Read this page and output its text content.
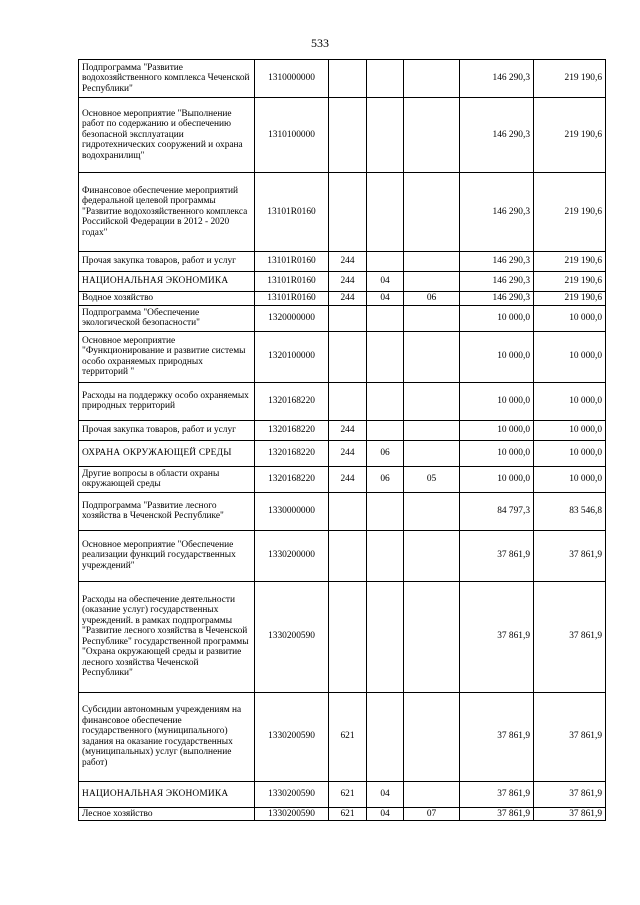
533
Подпрограмма "Развитие водохозяйственного комплекса Чеченской Республики"	1310000000				146 290,3	219 190,6
Основное мероприятие "Выполнение работ по содержанию и обеспечению безопасной эксплуатации гидротехнических сооружений и охрана водохранилищ"	1310100000				146 290,3	219 190,6
Финансовое обеспечение мероприятий федеральной целевой программы "Развитие водохозяйственного комплекса Российской Федерации в 2012 - 2020 годах"	13101R0160				146 290,3	219 190,6
Прочая закупка товаров, работ и услуг	13101R0160	244			146 290,3	219 190,6
НАЦИОНАЛЬНАЯ ЭКОНОМИКА	13101R0160	244	04		146 290,3	219 190,6
Водное хозяйство	13101R0160	244	04	06	146 290,3	219 190,6
Подпрограмма "Обеспечение экологической безопасности"	1320000000				10 000,0	10 000,0
Основное мероприятие "Функционирование и развитие системы особо охраняемых природных территорий "	1320100000				10 000,0	10 000,0
Расходы на поддержку особо охраняемых природных территорий	1320168220				10 000,0	10 000,0
Прочая закупка товаров, работ и услуг	1320168220	244			10 000,0	10 000,0
ОХРАНА ОКРУЖАЮЩЕЙ СРЕДЫ	1320168220	244	06		10 000,0	10 000,0
Другие вопросы в области охраны окружающей среды	1320168220	244	06	05	10 000,0	10 000,0
Подпрограмма "Развитие лесного хозяйства в Чеченской Республике"	1330000000				84 797,3	83 546,8
Основное мероприятие "Обеспечение реализации функций государственных учреждений"	1330200000				37 861,9	37 861,9
Расходы на обеспечение деятельности (оказание услуг) государственных учреждений. в рамках подпрограммы "Развитие лесного хозяйства в Чеченской Республике" государственной программы "Охрана окружающей среды и развитие лесного хозяйства Чеченской Республики"	1330200590				37 861,9	37 861,9
Субсидии автономным учреждениям на финансовое обеспечение государственного (муниципального) задания на оказание государственных (муниципальных) услуг (выполнение работ)	1330200590	621			37 861,9	37 861,9
НАЦИОНАЛЬНАЯ ЭКОНОМИКА	1330200590	621	04		37 861,9	37 861,9
Лесное хозяйство	1330200590	621	04	07	37 861,9	37 861,9
